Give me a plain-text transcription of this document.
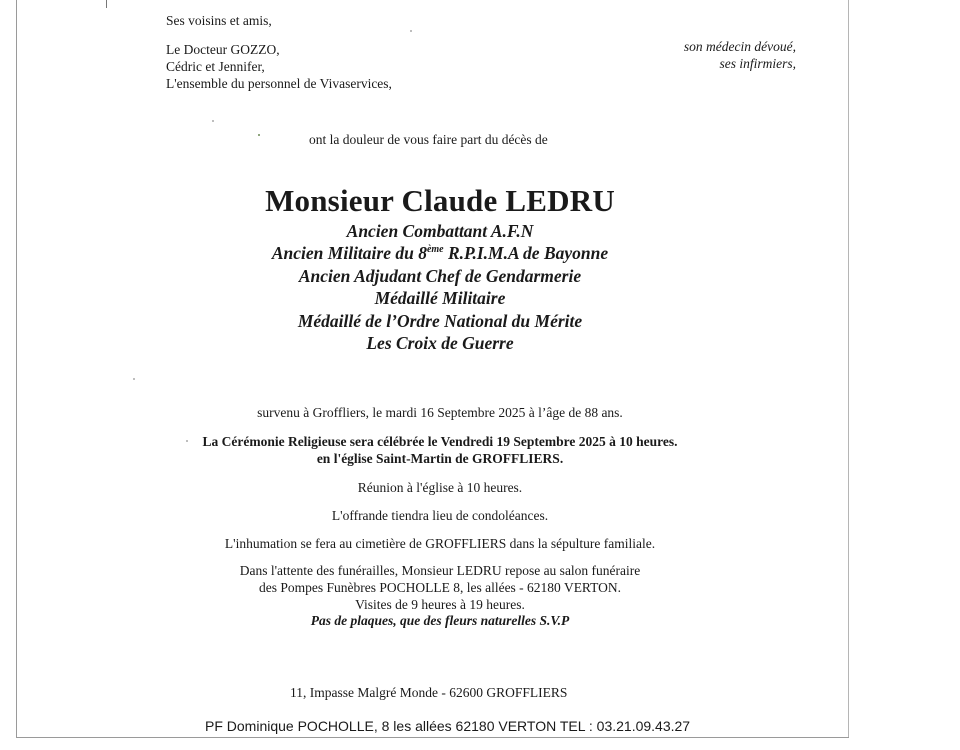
Ses voisins et amis,
Le Docteur GOZZO,
Cédric et Jennifer,
L'ensemble du personnel de Vivaservices,
son médecin dévoué,
ses infirmiers,
ont la douleur de vous faire part du décès de
Monsieur Claude LEDRU
Ancien Combattant A.F.N
Ancien Militaire du 8ème R.P.I.M.A de Bayonne
Ancien Adjudant Chef de Gendarmerie
Médaillé Militaire
Médaillé de l’Ordre National du Mérite
Les Croix de Guerre
survenu à Groffliers, le mardi 16 Septembre 2025 à l’âge de 88 ans.
La Cérémonie Religieuse sera célébrée le Vendredi 19 Septembre 2025 à 10 heures.
en l'église Saint-Martin de GROFFLIERS.
Réunion à l'église à 10 heures.
L'offrande tiendra lieu de condoléances.
L'inhumation se fera au cimetière de GROFFLIERS dans la sépulture familiale.
Dans l'attente des funérailles, Monsieur LEDRU repose au salon funéraire
des Pompes Funèbres POCHOLLE 8, les allées - 62180 VERTON.
Visites de 9 heures à 19 heures.
Pas de plaques, que des fleurs naturelles S.V.P
11, Impasse Malgré Monde - 62600 GROFFLIERS
PF Dominique POCHOLLE, 8 les allées 62180 VERTON TEL : 03.21.09.43.27
